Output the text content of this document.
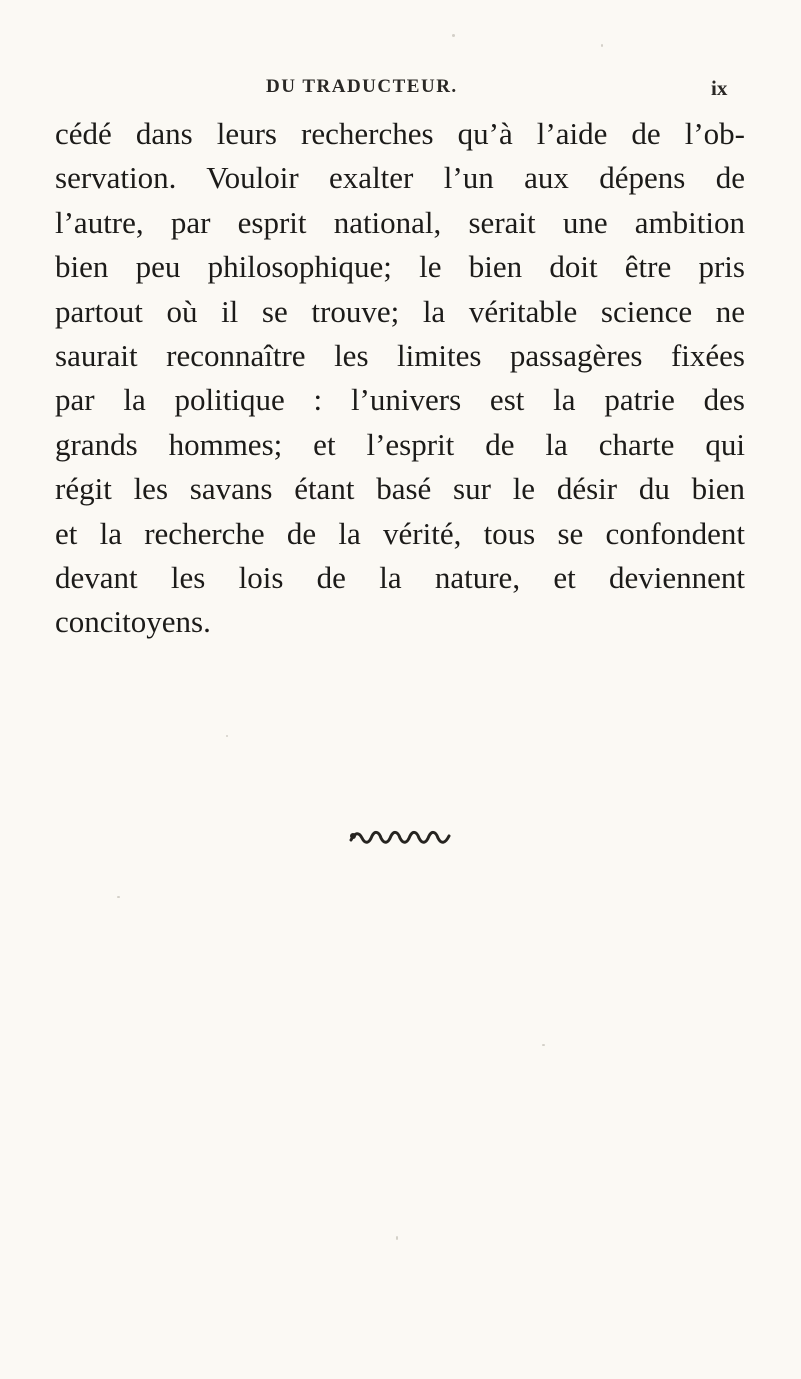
DU TRADUCTEUR.	ix
cédé dans leurs recherches qu’à l’aide de l’ob-
servation. Vouloir exalter l’un aux dépens de
l’autre, par esprit national, serait une ambition
bien peu philosophique; le bien doit être pris
partout où il se trouve; la véritable science ne
saurait reconnaître les limites passagères fixées
par la politique : l’univers est la patrie des
grands hommes; et l’esprit de la charte qui
régit les savans étant basé sur le désir du bien
et la recherche de la vérité, tous se confondent
devant les lois de la nature, et deviennent
concitoyens.
